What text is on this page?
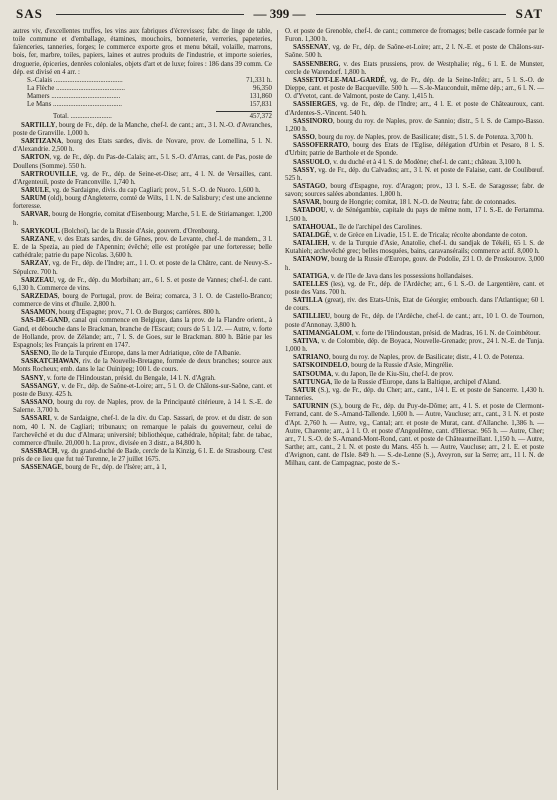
SAS	— 399 —	SAT

autres viv, d'excellentes truffes, les vins aux fabriques d'écrevisses; fabr. de linge de table, toile commune et d'emballage, étamines, mouchoirs, bonneterie, verreries, papeteries, faïenceries, tanneries, forges; le commerce exporte gros et menu bétail, volaille, marrons, bois, fer, marbre, toiles, papiers, laines et autres produits de l'industrie, et importe soieries, droguerie, épiceries, denrées coloniales, objets d'art et de luxe; foires : 186 dans 39 comm. Ce dép. est divisé en 4 arr. :

S.-Calais ........................................	71,331 h.

La Flèche ........................................	96,350

Mamers ........................................	131,860

Le Mans ........................................	157,831

Total. ........................	457,372

SARTILLY, bourg de Fr., dép. de la Manche, chef-l. de cant.; arr., 3 l. N.-O. d'Avranches, poste de Granville. 1,000 h.

SARTIZANA, bourg des Etats sardes, divis. de Novare, prov. de Lomellina, 5 l. N. d'Alexandrie. 2,500 h.

SARTON, vg. de Fr., dép. du Pas-de-Calais; arr., 5 l. S.-O. d'Arras, cant. de Pas, poste de Doullens (Somme). 550 h.

SARTROUVILLE, vg. de Fr., dép. de Seine-et-Oise; arr., 4 l. N. de Versailles, cant. d'Argenteuil, poste de Franconville. 1,740 h.

SARULE, vg. de Sardaigne, divis. du cap Cagliari; prov., 5 l. S.-O. de Nuoro. 1,600 h.

SARUM (old), bourg d'Angleterre, comté de Wilts, 1 l. N. de Salisbury; c'est une ancienne forteresse.

SARVAR, bourg de Hongrie, comitat d'Eisenbourg; Marche, 5 l. E. de Stiriamanger. 1,200 h.

SARYKOUL (Bolchoï), lac de la Russie d'Asie, gouvern. d'Orenbourg.

SARZANE, v. des Etats sardes, div. de Gênes, prov. de Levante, chef-l. de mandem., 3 l. E. de la Spezia, au pied de l'Apennin; évêché; elle est protégée par une forteresse; belle cathédrale; patrie du pape Nicolas. 3,600 h.

SARZAY, vg. de Fr., dép. de l'Indre; arr., 1 l. O. et poste de la Châtre, cant. de Neuvy-S.-Sépulcre. 700 h.

SARZEAU, vg. de Fr., dép. du Morbihan; arr., 6 l. S. et poste de Vannes; chef-l. de cant. 6,130 h. Commerce de vins.

SARZEDAS, bourg de Portugal, prov. de Beira; comarca, 3 l. O. de Castello-Branco; commerce de vins et d'huile. 2,800 h.

SASAMON, bourg d'Espagne; prov., 7 l. O. de Burgos; carrières. 800 h.

SAS-DE-GAND, canal qui commence en Belgique, dans la prov. de la Flandre orient., à Gand, et débouche dans le Brackman, branche de l'Escaut; cours de 5 l. 1/2. — Autre, v. forte de Hollande, prov. de Zélande; arr., 7 l. S. de Goes, sur le Brackman. 800 h. Bâtie par les Espagnols; les Français la prirent en 1747.

SASENO, île de la Turquie d'Europe, dans la mer Adriatique, côte de l'Albanie.

SASKATCHAWAN, riv. de la Nouvelle-Bretagne, formée de deux branches; source aux Monts Rocheux; emb. dans le lac Ouinipeg; 100 l. de cours.

SASNY, v. forte de l'Hindoustan, présid. du Bengale, 14 l. N. d'Agrah.

SASSANGY, v. de Fr., dép. de Saône-et-Loire; arr., 5 l. O. de Châlons-sur-Saône, cant. et poste de Buxy. 425 h.

SASSANO, bourg du roy. de Naples, prov. de la Principauté citérieure, à 14 l. S.-E. de Salerne. 3,700 h.

SASSARI, v. de Sardaigne, chef-l. de la div. du Cap. Sassari, de prov. et du distr. de son nom, 40 l. N. de Cagliari; tribunaux; on remarque le palais du gouverneur, celui de l'archevêché et du duc d'Almara; université; bibliothèque, cathédrale, hôpital; fabr. de tabac, commerce d'huile. 20,000 h. La prov., divisée en 3 distr., a 84,800 h.

SASSBACH, vg. du grand-duché de Bade, cercle de la Kinzig, 6 l. E. de Strasbourg. C'est près de ce lieu que fut tué Turenne, le 27 juillet 1675.

SASSENAGE, bourg de Fr., dép. de l'Isère; arr., à 1,

O. et poste de Grenoble, chef-l. de cant.; commerce de fromages; belle cascade formée par le Furon. 1,300 h.

SASSENAY, vg. de Fr., dép. de Saône-et-Loire; arr., 2 l. N.-E. et poste de Châlons-sur-Saône. 500 h.

SASSENBERG, v. des Etats prussiens, prov. de Westphalie; rég., 6 l. E. de Munster, cercle de Warendorf. 1,800 h.

SASSETOT-LE-MAL-GARDÉ, vg. de Fr., dép. de la Seine-Infér.; arr., 5 l. S.-O. de Dieppe, cant. et poste de Bacqueville. 500 h. — S.-le-Mauconduit, même dép.; arr., 6 l. N. — O. d'Yvetot, cant. de Valmont, poste de Cany. 1,415 h.

SASSIERGES, vg. de Fr., dép. de l'Indre; arr., 4 l. E. et poste de Châteauroux, cant. d'Ardentes-S.-Vincent. 540 h.

SASSINORO, bourg du roy. de Naples, prov. de Sannio; distr., 5 l. S. de Campo-Basso. 1,200 h.

SASSO, bourg du roy. de Naples, prov. de Basilicate; distr., 5 l. S. de Potenza. 3,700 h.

SASSOFERRATO, bourg des Etats de l'Eglise, délégation d'Urbin et Pesaro, 8 l. S. d'Urbin; patrie de Barthole et de Sponde.

SASSUOLO, v. du duché et à 4 l. S. de Modène; chef-l. de cant.; château. 3,100 h.

SASSY, vg. de Fr., dép. du Calvados; arr., 3 l. N. et poste de Falaise, cant. de Coulibœuf. 525 h.

SASTAGO, bourg d'Espagne, roy. d'Aragon; prov., 13 l. S.-E. de Saragosse; fabr. de savon; sources salées abondantes. 1,800 h.

SASVAR, bourg de Hongrie; comitat, 18 l. N.-O. de Neutra; fabr. de cotonnades.

SATADOU, v. de Sénégambie, capitale du pays de même nom, 17 l. S.-E. de Fertamma. 1,500 h.

SATAHOUAL, île de l'archipel des Carolines.

SATALDGÉ, v. de Grèce en Livadie, 15 l. E. de Tricala; récolte abondante de coton.

SATALIEH, v. de la Turquie d'Asie, Anatolie, chef-l. du sandjak de Tékéli, 65 l. S. de Kutahieh; archevêché grec; belles mosquées, bains, caravansérails; commerce actif. 8,000 h.

SATANOW, bourg de la Russie d'Europe, gouv. de Podolie, 23 l. O. de Proskourov. 3,000 h.

SATATIGA, v. de l'île de Java dans les possessions hollandaises.

SATELLES (les), vg. de Fr., dép. de l'Ardèche; arr., 6 l. S.-O. de Largentière, cant. et poste des Vans. 700 h.

SATILLA (great), riv. des Etats-Unis, Etat de Géorgie; embouch. dans l'Atlantique; 60 l. de cours.

SATILLIEU, bourg de Fr., dép. de l'Ardèche, chef-l. de cant.; arr., 10 l. O. de Tournon, poste d'Annonay. 3,800 h.

SATIMANGALOM, v. forte de l'Hindoustan, présid. de Madras, 16 l. N. de Coimbétour.

SATIVA, v. de Colombie, dép. de Boyaca, Nouvelle-Grenade; prov., 24 l. N.-E. de Tunja. 1,000 h.

SATRIANO, bourg du roy. de Naples, prov. de Basilicate; distr., 4 l. O. de Potenza.

SATSKOINDELO, bourg de la Russie d'Asie, Mingrélie.

SATSOUMA, v. du Japon, île de Kiu-Siu, chef-l. de prov.

SATTUNGA, île de la Russie d'Europe, dans la Baltique, archipel d'Aland.

SATUR (S.), vg. de Fr., dép. du Cher; arr., cant., 1/4 l. E. et poste de Sancerre. 1,430 h. Tanneries.

SATURNIN (S.), bourg de Fr., dép. du Puy-de-Dôme; arr., 4 l. S. et poste de Clermont-Ferrand, cant. de S.-Amand-Tallende. 1,600 h. — Autre, Vaucluse; arr., cant., 3 l. N. et poste d'Apt. 2,760 h. — Autre, vg., Cantal; arr. et poste de Murat, cant. d'Allanche. 1,386 h. — Autre, Charente; arr., à 1 l. O. et poste d'Angoulême, cant. d'Hiersac. 965 h. — Autre, Cher; arr., 7 l. S.-O. de S.-Amand-Mont-Rond, cant. et poste de Châteaumeillant. 1,150 h. — Autre, Sarthe; arr., cant., 2 l. N. et poste du Mans. 455 h. — Autre, Vaucluse; arr., 2 l. E. et poste d'Avignon, cant. de l'Isle. 849 h. — S.-de-Lenne (S.), Aveyron, sur la Serre; arr., 11 l. N. de Milhau, cant. de Campagnac, poste de S.-
